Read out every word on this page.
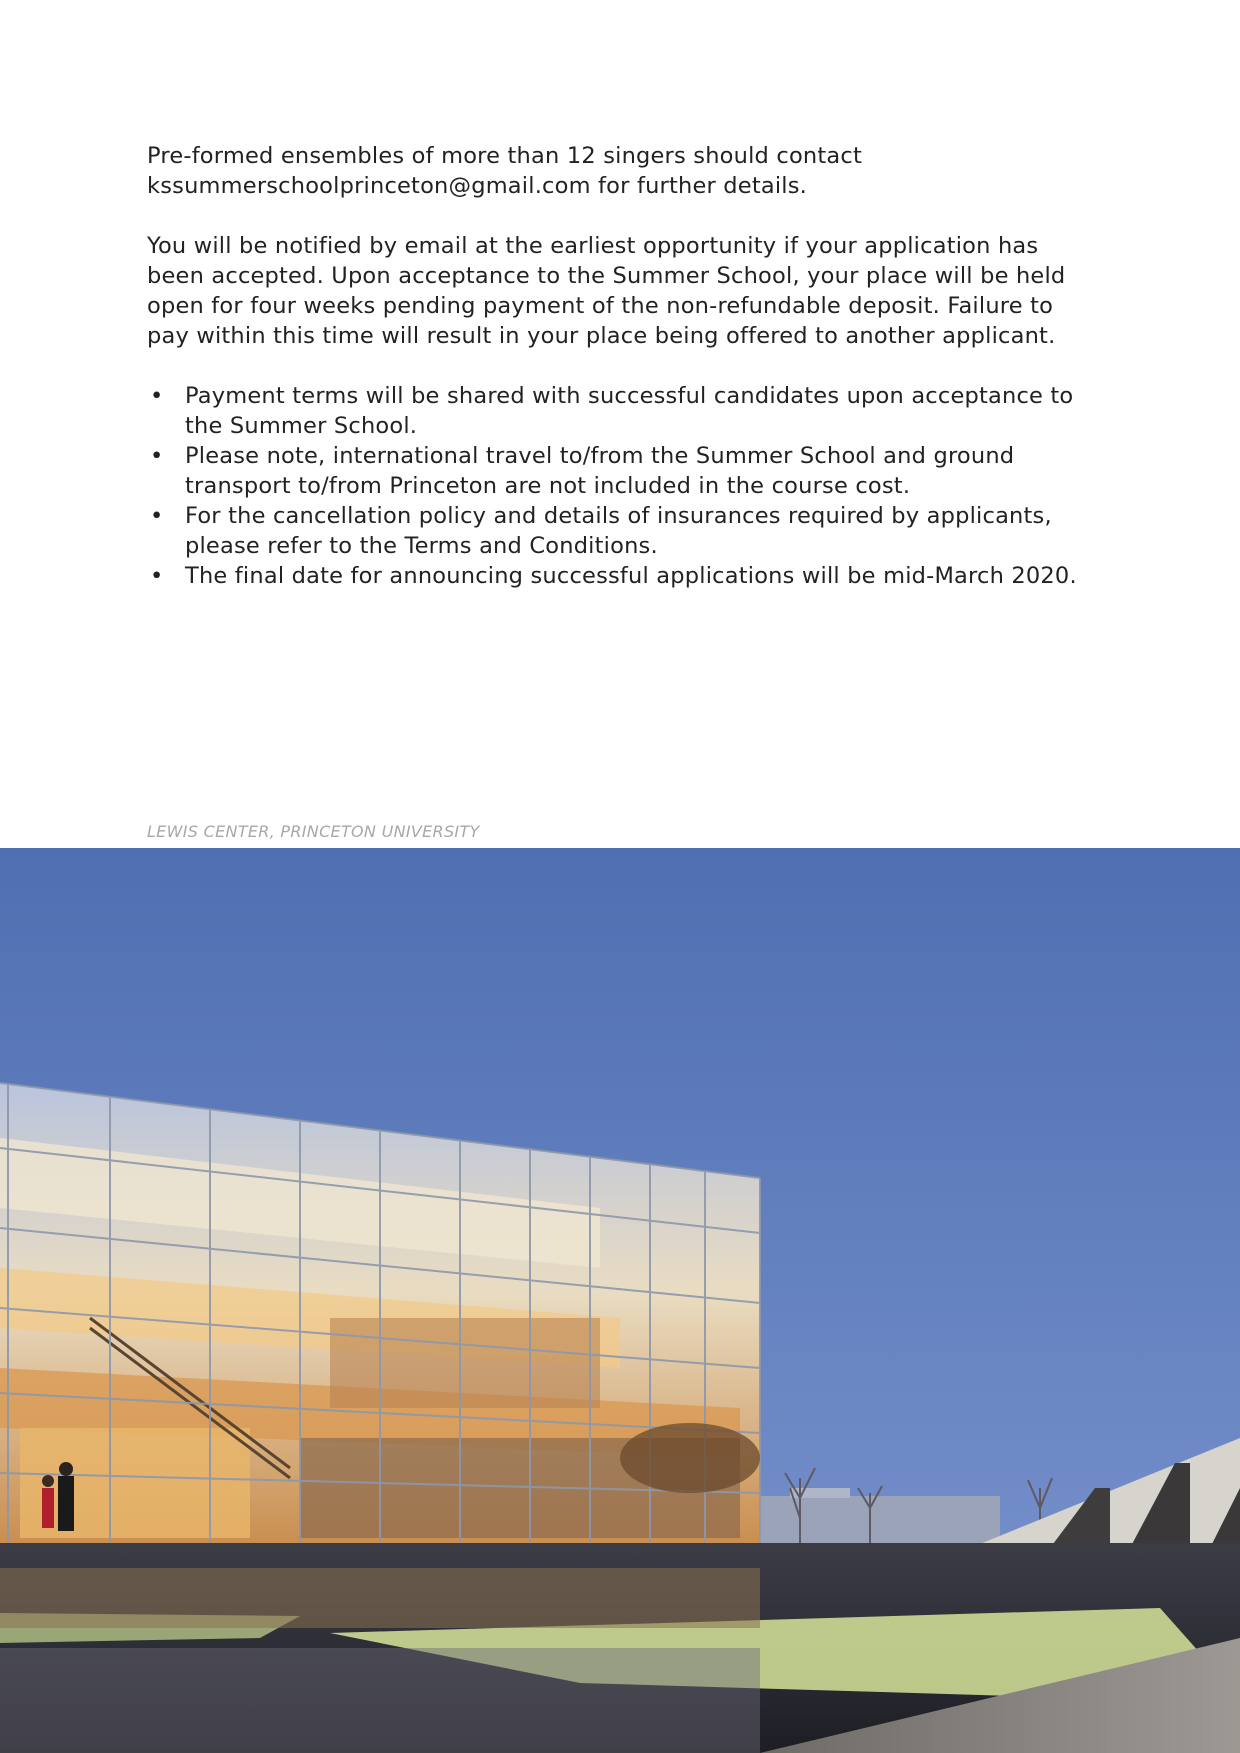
Pre-formed ensembles of more than 12 singers should contact
kssummerschoolprinceton@gmail.com for further details.

You will be notified by email at the earliest opportunity if your application has been accepted. Upon acceptance to the Summer School, your place will be held open for four weeks pending payment of the non-refundable deposit. Failure to pay within this time will result in your place being offered to another applicant.

• Payment terms will be shared with successful candidates upon acceptance to the Summer School.
• Please note, international travel to/from the Summer School and ground transport to/from Princeton are not included in the course cost.
• For the cancellation policy and details of insurances required by applicants, please refer to the Terms and Conditions.
• The final date for announcing successful applications will be mid-March 2020.
LEWIS CENTER, PRINCETON UNIVERSITY
